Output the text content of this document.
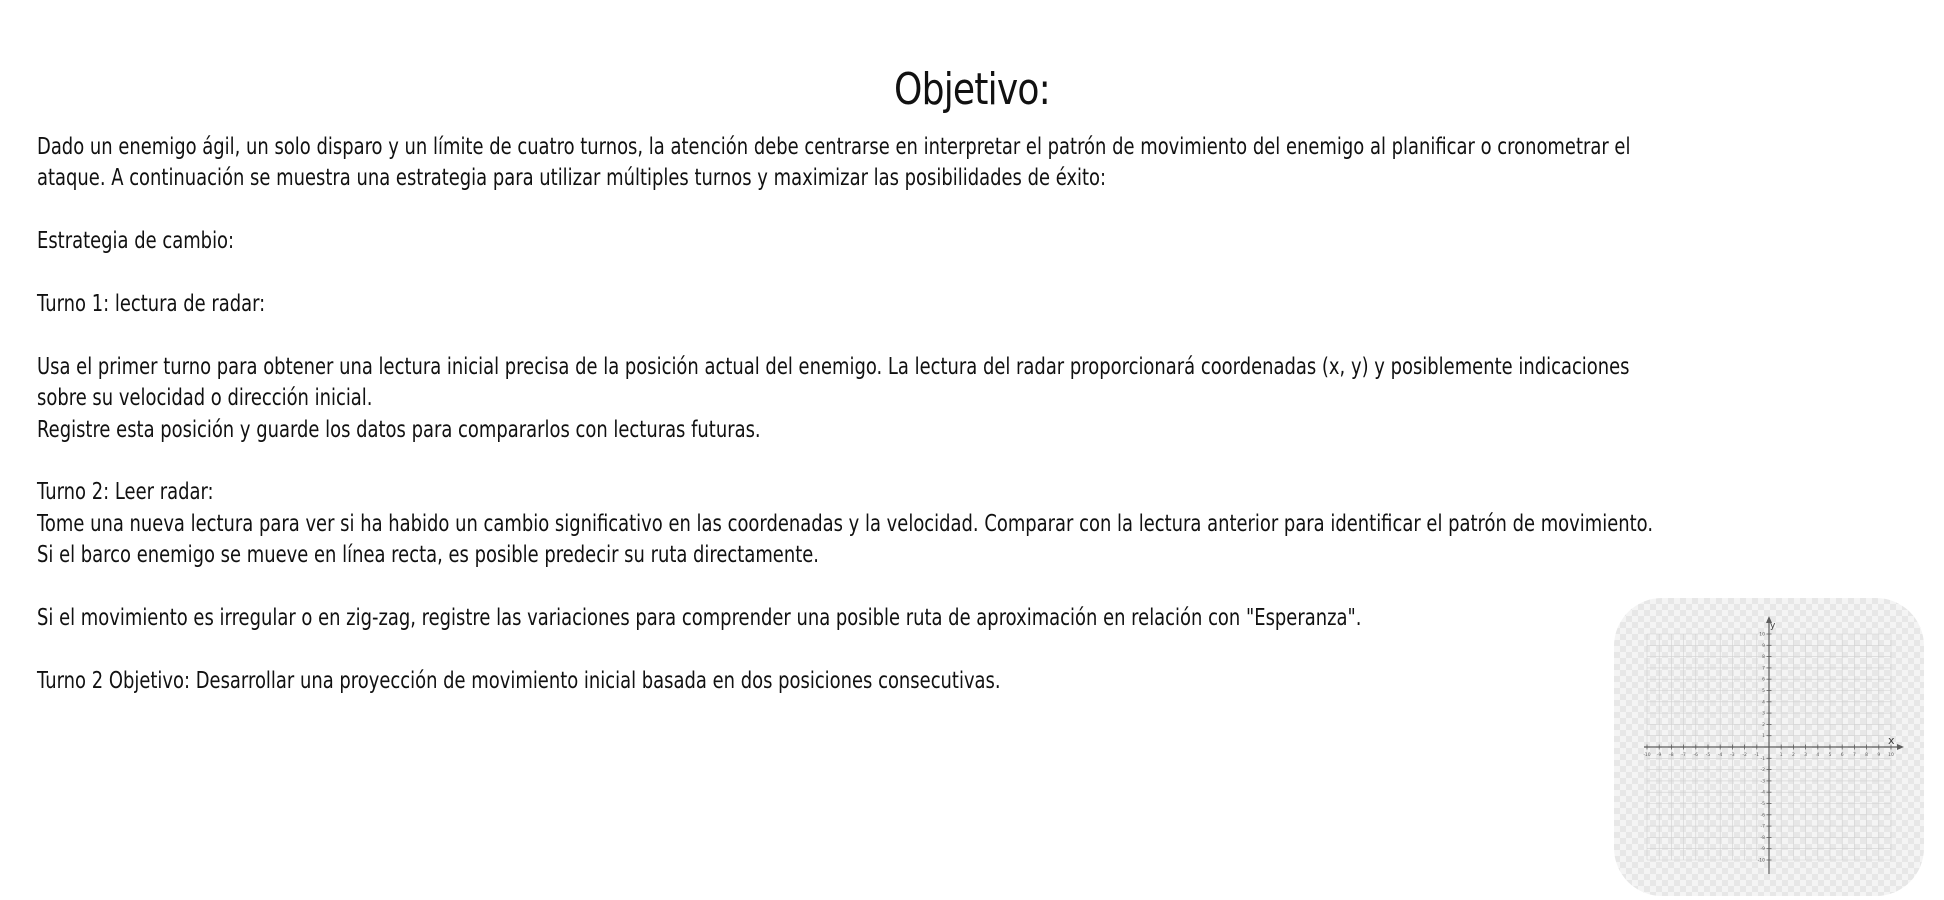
Objetivo:

Dado un enemigo ágil, un solo disparo y un límite de cuatro turnos, la atención debe centrarse en interpretar el patrón de movimiento del enemigo al planificar o cronometrar el

ataque. A continuación se muestra una estrategia para utilizar múltiples turnos y maximizar las posibilidades de éxito:

Estrategia de cambio:

Turno 1: lectura de radar:

Usa el primer turno para obtener una lectura inicial precisa de la posición actual del enemigo. La lectura del radar proporcionará coordenadas (x, y) y posiblemente indicaciones

sobre su velocidad o dirección inicial.

Registre esta posición y guarde los datos para compararlos con lecturas futuras.

Turno 2: Leer radar:

Tome una nueva lectura para ver si ha habido un cambio significativo en las coordenadas y la velocidad. Comparar con la lectura anterior para identificar el patrón de movimiento.

Si el barco enemigo se mueve en línea recta, es posible predecir su ruta directamente.

Si el movimiento es irregular o en zig-zag, registre las variaciones para comprender una posible ruta de aproximación en relación con "Esperanza".

Turno 2 Objetivo: Desarrollar una proyección de movimiento inicial basada en dos posiciones consecutivas.

-10 -9 -8 -7 -6 -5 -4 -3 -2 -1	1 2 3 4 5 6 7 8 9 10
10
9
8
7
6
5
4
3
2
1
-1
-2
-3
-4
-5
-6
-7
-8
-9
-10
x
y
